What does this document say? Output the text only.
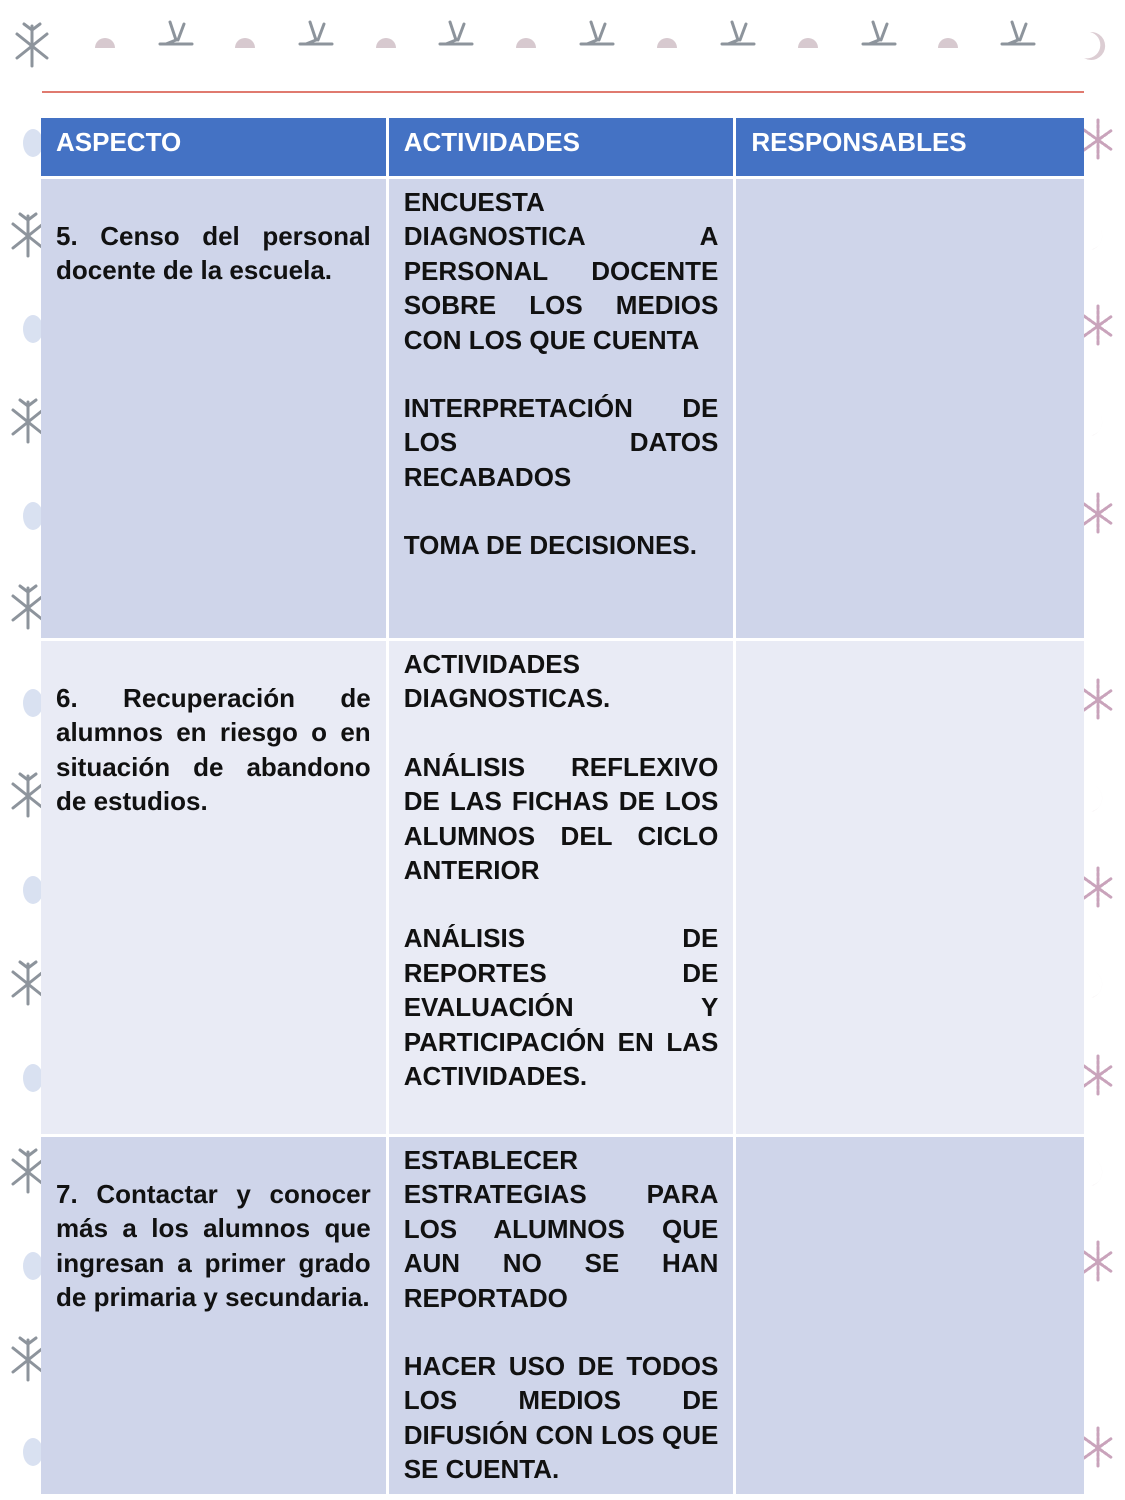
ASPECTO	ACTIVIDADES	RESPONSABLES
5. Censo del personal docente de la escuela.	ENCUESTA DIAGNOSTICA A PERSONAL DOCENTE SOBRE LOS MEDIOS CON LOS QUE CUENTA
INTERPRETACIÓN DE LOS DATOS RECABADOS
TOMA DE DECISIONES.	

6. Recuperación de alumnos en riesgo o en situación de abandono de estudios.	ACTIVIDADES DIAGNOSTICAS.
ANÁLISIS REFLEXIVO DE LAS FICHAS DE LOS ALUMNOS DEL CICLO ANTERIOR
ANÁLISIS DE REPORTES DE EVALUACIÓN Y PARTICIPACIÓN EN LAS ACTIVIDADES.	

7. Contactar y conocer más a los alumnos que ingresan a primer grado de primaria y secundaria.	ESTABLECER ESTRATEGIAS PARA LOS ALUMNOS QUE AUN NO SE HAN REPORTADO
HACER USO DE TODOS LOS MEDIOS DE DIFUSIÓN CON LOS QUE SE CUENTA.	
